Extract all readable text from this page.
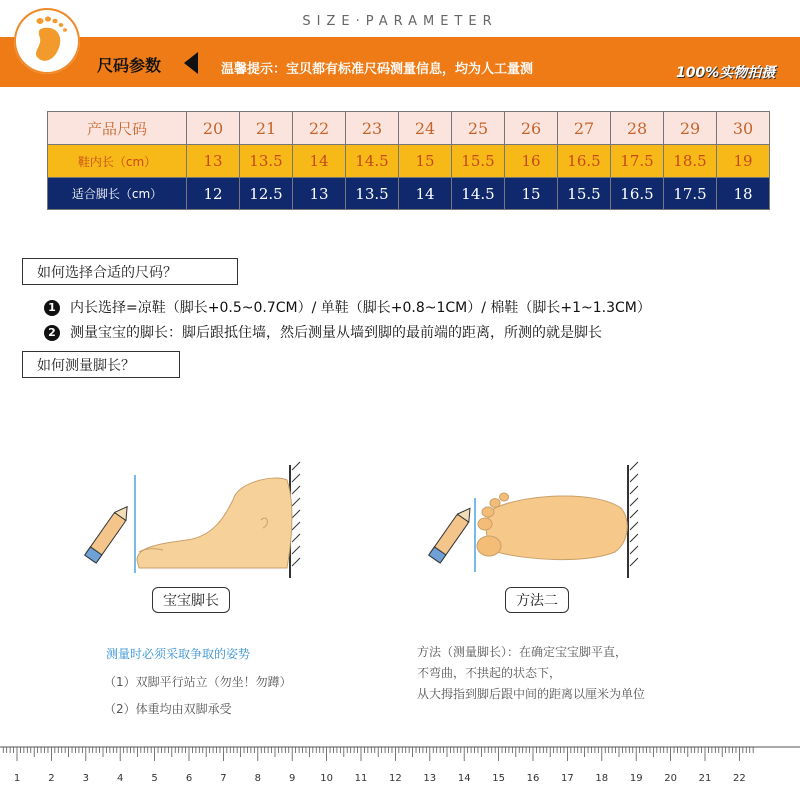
SIZE·PARAMETER
尺码参数	温馨提示：宝贝都有标准尺码测量信息，均为人工量测	100%实物拍摄
产品尺码	20	21	22	23	24	25	26	27	28	29	30
鞋内长（cm）	13	13.5	14	14.5	15	15.5	16	16.5	17.5	18.5	19
适合脚长（cm）	12	12.5	13	13.5	14	14.5	15	15.5	16.5	17.5	18
如何选择合适的尺码？
1 内长选择=凉鞋（脚长+0.5~0.7CM）/ 单鞋（脚长+0.8~1CM）/ 棉鞋（脚长+1~1.3CM）
2 测量宝宝的脚长：脚后跟抵住墙，然后测量从墙到脚的最前端的距离，所测的就是脚长
如何测量脚长？
宝宝脚长	方法二
测量时必须采取争取的姿势
（1）双脚平行站立（勿坐！勿蹲）
（2）体重均由双脚承受
方法（测量脚长）：在确定宝宝脚平直，
不弯曲，不拱起的状态下，
从大拇指到脚后跟中间的距离以厘米为单位
1	2	3	4	5	6	7	8	9 10 11 12 13 14 15 16 17 18 19 20 21 22
